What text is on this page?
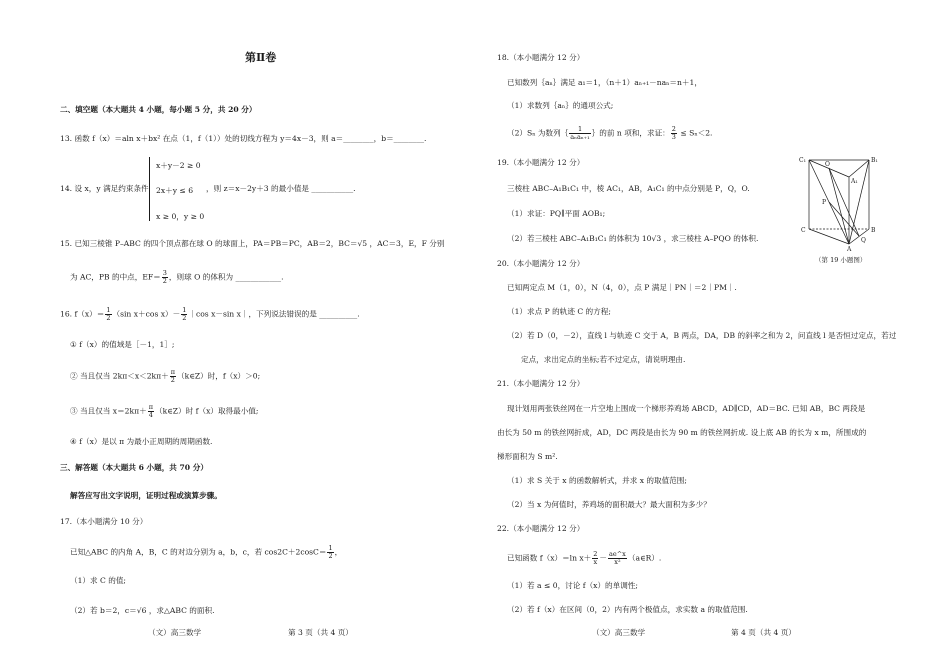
第Ⅱ卷
二、填空题（本大题共 4 小题，每小题 5 分，共 20 分）
13. 函数 f（x）＝aln x＋bx² 在点（1，f（1））处的切线方程为 y＝4x－3，则 a＝________，b＝________.
14. 设 x，y 满足约束条件
x＋y－2 ≥ 0
2x＋y ≤ 6
x ≥ 0，y ≥ 0
，则 z＝x－2y＋3 的最小值是 ___________.
15. 已知三棱锥 P–ABC 的四个顶点都在球 O 的球面上，PA＝PB＝PC，AB＝2，BC＝√5 ，AC＝3，E，F 分别
为 AC，PB 的中点，$EF= \frac{3}{2}$ ，则球 O 的体积为 ____________.
16. $f(x)= \frac{1}{2} (\sin$ x＋cos $x)- \frac{1}{2}$ ｜cos x－sin x｜，下列说法错误的是 __________.
① f（x）的值域是［－1，1］;
② 当且仅当 $2k\pi<x<2k\pi+ \frac{\pi}{2}$ （k∈Z）时，f（x）＞0;
③ 当且仅当 $x=2k\pi+ \frac{\pi}{4}$ （k∈Z）时 f（x）取得最小值;
④ f（x）是以 π 为最小正周期的周期函数.
三、解答题（本大题共 6 小题，共 70 分）
解答应写出文字说明，证明过程或演算步骤。
17.（本小题满分 10 分）
已知△ABC 的内角 A，B，C 的对边分别为 a，b，c，若 $\cos 2C+2\cos C= \frac{1}{2}$ ，
（1）求 C 的值;
（2）若 b＝2，c＝√6 ，求△ABC 的面积.
（文）高三数学	第 3 页（共 4 页）
18.（本小题满分 12 分）
已知数列｛aₙ｝满足 a₁＝1，（n＋1）aₙ₊₁－naₙ＝n＋1，
（1）求数列｛aₙ｝的通项公式;
（2）Sₙ 为数列｛ $\frac{1}{\text{aₙaₙ₊₁}}$ ｝的前 n 项和，求证： $\frac{2}{3} \le S_n<2$.
19.（本小题满分 12 分）
三棱柱 ABC–A₁B₁C₁ 中，棱 AC₁，AB，A₁C₁ 的中点分别是 P，Q，O.
（1）求证：PQ∥平面 AOB₁;
（2）若三棱柱 ABC–A₁B₁C₁ 的体积为 10√3 ，求三棱柱 A–PQO 的体积.
C₁
O
B₁
A₁
P
C	B
A
Q
（第 19 小题图）
20.（本小题满分 12 分）
已知两定点 M（1，0），N（4，0），点 P 满足｜PN｜＝2｜PM｜.
（1）求点 P 的轨迹 C 的方程;
（2）若 D（0，－2），直线 l 与轨迹 C 交于 A，B 两点，DA，DB 的斜率之和为 2，问直线 l 是否恒过定点，若过
定点，求出定点的坐标;若不过定点，请说明理由.
21.（本小题满分 12 分）
现计划用两张铁丝网在一片空地上围成一个梯形养鸡场 ABCD，AD∥CD，AD＝BC. 已知 AB，BC 两段是
由长为 50 m 的铁丝网折成，AD，DC 两段是由长为 90 m 的铁丝网折成. 设上底 AB 的长为 x m，所围成的
梯形面积为 S m².
（1）求 S 关于 x 的函数解析式，并求 x 的取值范围;
（2）当 x 为何值时，养鸡场的面积最大？最大面积为多少？
22.（本小题满分 12 分）
已知函数 f（x）＝ln $x+ \frac{2}{x} - \frac{ae\^{}x}{\text{x²}}$ （a∈R）.
（1）若 a ≤ 0，讨论 f（x）的单调性;
（2）若 f（x）在区间（0，2）内有两个极值点，求实数 a 的取值范围.
（文）高三数学	第 4 页（共 4 页）
